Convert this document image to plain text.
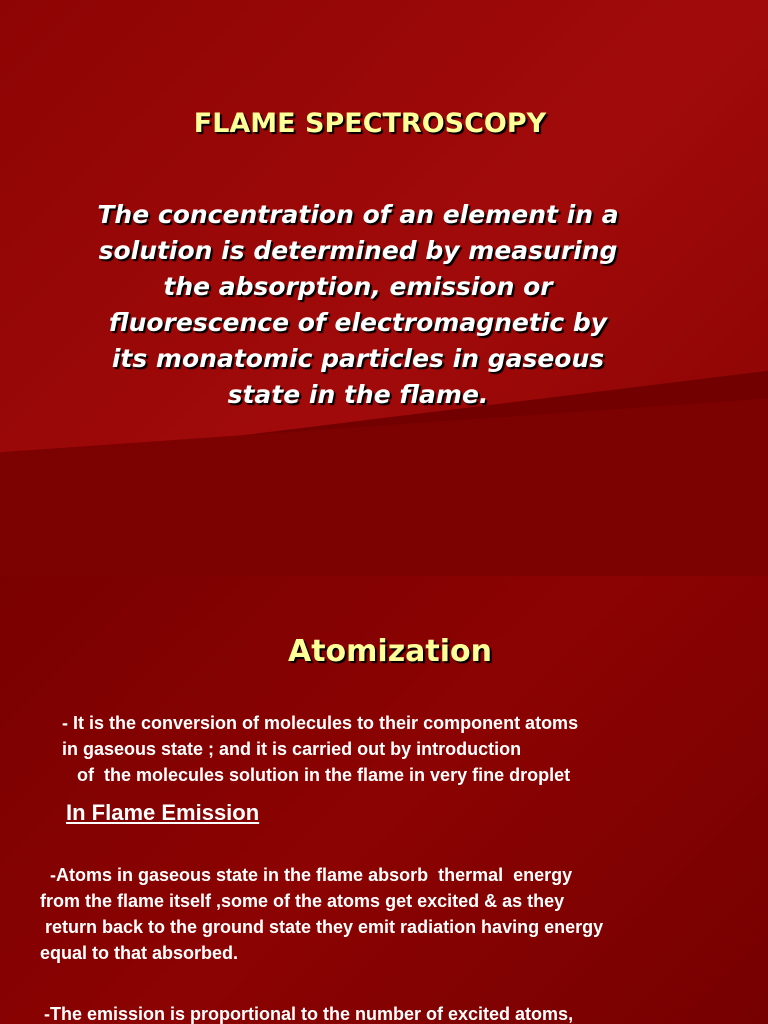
FLAME SPECTROSCOPY

The concentration of an element in a
solution is determined by measuring
the absorption, emission or
fluorescence of electromagnetic by
its monatomic particles in gaseous
state in the flame.

Atomization

- It is the conversion of molecules to their component atoms
in gaseous state ; and it is carried out by introduction
of  the molecules solution in the flame in very fine droplet

In Flame Emission

-Atoms in gaseous state in the flame absorb  thermal  energy
from the flame itself ,some of the atoms get excited & as they
return back to the ground state they emit radiation having energy
equal to that absorbed.

-The emission is proportional to the number of excited atoms,
